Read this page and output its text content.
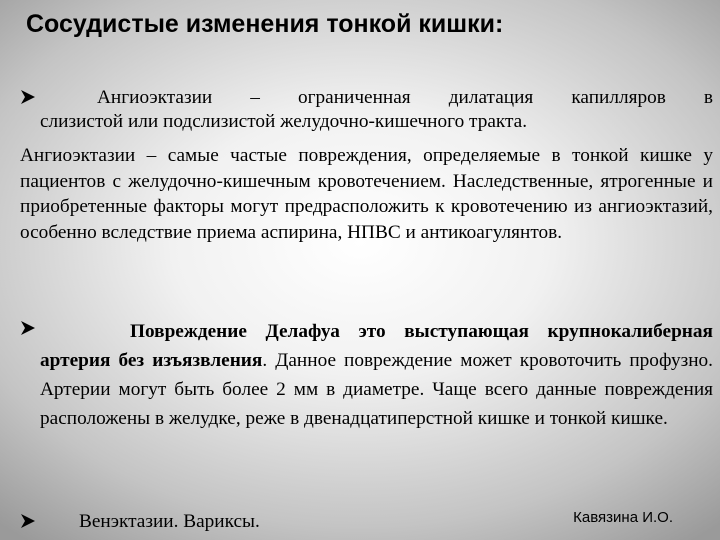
Сосудистые изменения тонкой кишки:
Ангиоэктазии – ограниченная дилатация капилляров в
слизистой или подслизистой желудочно-кишечного тракта.
Ангиоэктазии – самые частые повреждения, определяемые в тонкой кишке у пациентов с желудочно-кишечным кровотечением. Наследственные, ятрогенные и приобретенные факторы могут предрасположить к кровотечению из ангиоэктазий, особенно вследствие приема аспирина, НПВС и антикоагулянтов.
Повреждение Делафуа это выступающая крупнокалиберная артерия без изъязвления. Данное повреждение может кровоточить профузно. Артерии могут быть более 2 мм в диаметре. Чаще всего данные повреждения расположены в желудке, реже в двенадцатиперстной кишке и тонкой кишке.
Венэктазии. Вариксы.	Кавязина И.О.
